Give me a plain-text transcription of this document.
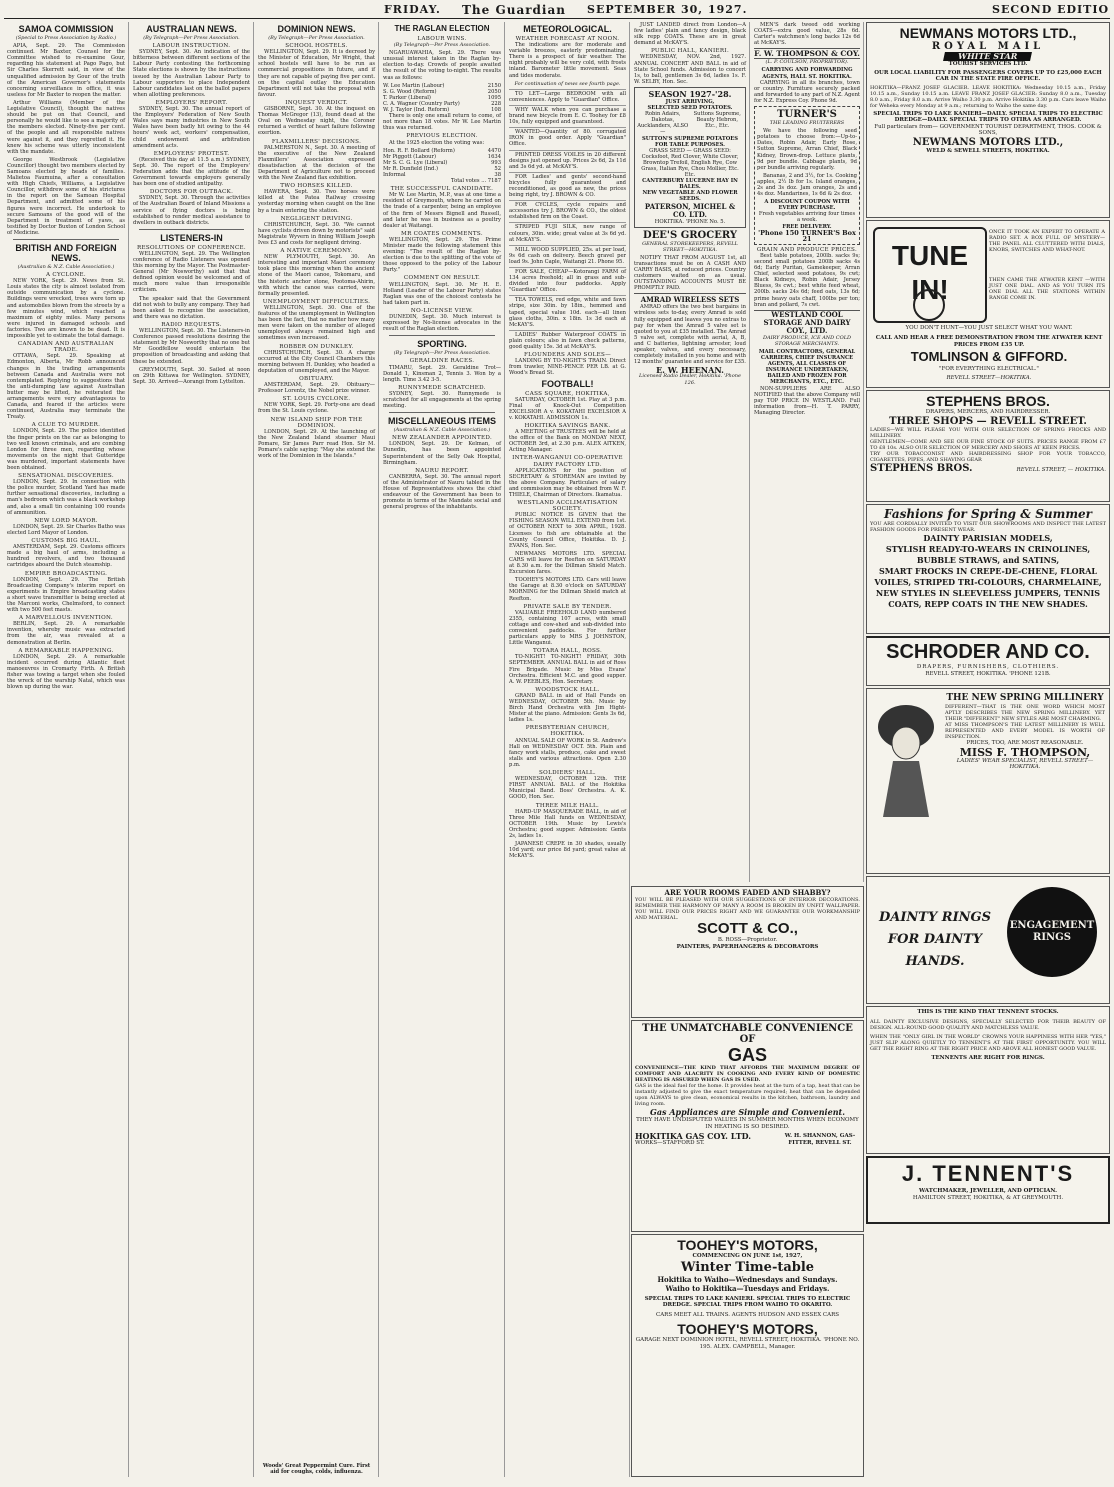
FRIDAY. The Guardian SEPTEMBER 30, 1927.	SECOND EDITIO
SAMOA COMMISSION
(Special to Press Association by Radio.)

APIA, Sept. 29. The Commission continued. Mr Baxter, Counsel for the Committee wished to re-examine Gour, regarding his statement at Pago Pago, but Sir Charles Skerrett said, in view of the unqualified admission by Gour of the truth of the American Governor's statements concerning surveillance in office, it was useless for Mr Baxter to reopen the matter.

Arthur Williams (Member of the Legislative Council), thought the natives should be put on that Council, and personally he would like to see a majority of the members elected. Ninety-five per cent. of the people and all responsible natives were against it, and they regretted it. He knew his scheme was utterly inconsistent with the mandate.

George Westbrook (Legislative Councillor) thought two members elected by Samoans elected by heads of families. Malietoa Faumuina, after a consultation with High Chiefs, Williams, a Legislative Councillor, withdrew some of his strictures in the report on the Samoan Hospital Department, and admitted some of his figures were incorrect. He undertook to secure Samoans of the good will of the Department in treatment of yaws, as testified by Doctor Buxton of London School of Medicine.

BRITISH AND FOREIGN NEWS.
(Australian & N.Z. Cable Association.)
A CYCLONE.

NEW YORK, Sept. 29. News from St. Louis states the city is almost isolated from outside communication by a cyclone. Buildings were wrecked, trees were torn up and automobiles blown from the streets by a few minutes wind, which reached a maximum of eighty miles. Many persons were injured in damaged schools and factories. Two are known to be dead. It is impossible yet to estimate the total damage.

CANADIAN AND AUSTRALIAN TRADE.

OTTAWA, Sept. 29. Speaking at Edmonton, Alberta, Mr Robb announced changes in the trading arrangements between Canada and Australia were not contemplated. Replying to suggestions that the anti-dumping law against Australian butter may be lifted, he reiterated the arrangements were very advantageous to Canada, and feared if the articles were continued, Australia may terminate the Treaty.

A CLUE TO MURDER.

LONDON, Sept. 29. The police identified the finger prints on the car as belonging to two well known criminals, and are combing London for three men, regarding whose movements on the night that Gutteridge was murdered, important statements have been obtained.

SENSATIONAL DISCOVERIES.

LONDON, Sept. 29. In connection with the police murder, Scotland Yard has made further sensational discoveries, including a man's bedroom which was a black workshop and, also a small tin containing 100 rounds of ammunition.

NEW LORD MAYOR.

LONDON, Sept. 29. Sir Charles Batho was elected Lord Mayor of London.

CUSTOMS BIG HAUL.

AMSTERDAM, Sept. 29. Customs officers made a big haul of arms, including a hundred revolvers, and two thousand cartridges aboard the Dutch steamship.

EMPIRE BROADCASTING.

LONDON, Sept. 29. The British Broadcasting Company's interim report on experiments in Empire broadcasting states a short wave transmitter is being erected at the Marconi works, Chelmsford, to connect with two 500 feet masts.

A MARVELLOUS INVENTION.

BERLIN, Sept. 29. A remarkable invention, whereby music was extracted from the air, was revealed at a demonstration at Berlin.

A REMARKABLE HAPPENING.

LONDON, Sept. 29. A remarkable incident occurred during Atlantic fleet manoeuvres in Cromarty Firth. A British fisher was towing a target when she fouled the wreck of the warship Natal, which was blown up during the war.

AUSTRALIAN NEWS.
(By Telegraph—Per Press Association.
LABOUR INSTRUCTION.

SYDNEY, Sept. 30. An indication of the bitterness between different sections of the Labour Party contesting the forthcoming State elections is shown by the instructions issued by the Australian Labour Party to Labour supporters to place Independent Labour candidates last on the ballot papers when allotting preferences.

EMPLOYERS' REPORT.

SYDNEY, Sept. 30. The annual report of the Employers' Federation of New South Wales says many industries in New South Wales have been badly hit owing to the 44 hours' week act, workers' compensation, child endowment and arbitration amendment acts.

EMPLOYERS' PROTEST.

(Received this day at 11.5 a.m.) SYDNEY, Sept. 30. The report of the Employers' Federation adds that the attitude of the Government towards employers generally has been one of studied antipathy.

DOCTORS FOR OUTBACK.

SYDNEY, Sept. 30. Through the activities of the Australian Board of Inland Missions a service of flying doctors is being established to render medical assistance to dwellers in outback districts.

LISTENERS-IN
RESOLUTIONS OF CONFERENCE.

WELLINGTON, Sept. 29. The Wellington conference of Radio Listeners was opened this morning by the Mayor. The Postmaster-General (Mr Nosworthy) said that that defined opinion would be welcomed and of much more value than irresponsible criticism.

The speaker said that the Government did not wish to bully any company. They had been asked to recognise the association, and there was no dictation.

RADIO REQUESTS.

WELLINGTON, Sept. 30. The Listeners-in Conference passed resolutions desiring the statement by Mr Nosworthy that no one but Mr Goodfellow would entertain the proposition of broadcasting and asking that these be extended.

GREYMOUTH, Sept. 30. Sailed at noon on 29th Kittawa for Wellington. SYDNEY, Sept. 30. Arrived—Aorangi from Lyttelton.

DOMINION NEWS.
(By Telegraph—Per Press Association.
SCHOOL HOSTELS.

WELLINGTON, Sept. 29. It is decreed by the Minister of Education, Mr Wright, that school hostels will have to be run as commercial propositions in future, and if they are not capable of paying five per cent. on the capital outlay the Education Department will not take the proposal with favour.

INQUEST VERDICT.

GISBORNE, Sept. 30. At the inquest on Thomas McGregor (13), found dead at the Oval on Wednesday night, the Coroner returned a verdict of heart failure following exertion.

FLAXMILLERS' DECISIONS.

PALMERSTON N., Sept. 30. A meeting of the executive of the New Zealand Flaxmillers' Association expressed dissatisfaction at the decision of the Department of Agriculture not to proceed with the New Zealand flax exhibition.

TWO HORSES KILLED.

HAWERA, Sept. 30. Two horses were killed at the Patea Railway crossing yesterday morning when caught on the line by a train entering the station.

NEGLIGENT DRIVING.

CHRISTCHURCH, Sept. 30. "We cannot have cyclists driven down by motorists" said Magistrate Wyvern in fining William Joseph Ives £3 and costs for negligent driving.

A NATIVE CEREMONY.

NEW PLYMOUTH, Sept. 30. An interesting and important Maori ceremony took place this morning when the ancient stone of the Maori canoe, Tokomaru, and the historic anchor stone, Pootoma-Ahirin, with which the canoe was carried, were formally presented.

UNEMPLOYMENT DIFFICULTIES.

WELLINGTON, Sept. 30. One of the features of the unemployment in Wellington has been the fact, that no matter how many men were taken on the number of alleged unemployed always remained high and sometimes even increased.

ROBBER ON DUNKLEY.

CHRISTCHURCH, Sept. 30. A charge occurred at the City Council Chambers this morning between H. Dunkley, who headed a deputation of unemployed, and the Mayor.

OBITUARY.

AMSTERDAM, Sept. 29. Obituary—Professor Lorentz, the Nobel prize winner.

ST. LOUIS CYCLONE.

NEW YORK, Sept. 29. Forty-one are dead from the St. Louis cyclone.

NEW ISLAND SHIP FOR THE DOMINION.

LONDON, Sept. 29. At the launching of the New Zealand Island steamer Maui Pomare, Sir James Parr read Hon. Sir M. Pomare's cable saying: "May she extend the work of the Dominion in the Islands."

Woods' Great Peppermint Cure. First aid for coughs, colds, influenza.
THE RAGLAN ELECTION
LABOUR WINS.
(By Telegraph—Per Press Association.

NGARUAWAHIA, Sept. 29. There was unusual interest taken in the Raglan by-election to-day. Crowds of people awaited the result of the voting to-night. The results was as follows:

W. Lee Martin (Labour)	2150
S. G. Wood (Reform)	2050
T. Parker (Liberal)	1095
C. A. Wagner (Country Party)	228
W. J. Taylor (Ind. Reform)	108

There is only one small return to come, of not more than 18 votes. Mr W. Lee Martin thus was returned.

PREVIOUS ELECTION.

At the 1925 election the voting was:

Hon. R. F. Bollard (Reform)	4470
Mr Piggott (Labour)	1634
Mr S. C. G. Lye (Liberal)	993
Mr R. Dunfield (Ind.)	52
Informal	38
Total votes ... 7187
THE SUCCESSFUL CANDIDATE.

Mr W. Lee Martin, M.P., was at one time a resident of Greymouth, where he carried on the trade of a carpenter, being an employee of the firm of Messrs Bignell and Russell, and later he was in business as a poultry dealer at Waitangi.

MR COATES COMMENTS.

WELLINGTON, Sept. 29. The Prime Minister made the following statement this evening: "The result of the Raglan by-election is due to the splitting of the vote of those opposed to the policy of the Labour Party."

COMMENT ON RESULT.

WELLINGTON, Sept. 30. Mr H. E. Holland (Leader of the Labour Party) states Raglan was one of the choicest contests he had taken part in.

NO-LICENSE VIEW.

DUNEDIN, Sept. 30. Much interest is expressed by No-license advocates in the result of the Raglan election.

SPORTING.
(By Telegraph—Per Press Association.
GERALDINE RACES.

TIMARU, Sept. 29. Geraldine Trot—Donald 1, Kinsman 2, Tennis 3. Won by a length. Time 3.42 3-5.

RUNNYMEDE SCRATCHED.

SYDNEY, Sept. 30. Runnymede is scratched for all engagements at the spring meeting.

MISCELLANEOUS ITEMS
(Australian & N.Z. Cable Association.)
NEW ZEALANDER APPOINTED.

LONDON, Sept. 29. Dr Kelman, of Dunedin, has been appointed Superintendent of the Selly Oak Hospital, Birmingham.

NAURU REPORT.

CANBERRA, Sept. 30. The annual report of the Administrator of Nauru tabled in the House of Representatives shows the chief endeavour of the Government has been to promote in terms of the Mandate social and general progress of the inhabitants.

METEOROLOGICAL.
WEATHER FORECAST AT NOON.

The indications are for moderate and variable breezes, easterly predominating. There is a prospect of fair weather. The night probably will be very cold, with frosts inland. Barometer little movement. Seas and tides moderate.

For continuation of news see fourth page.

TO LET—Large BEDROOM with all conveniences. Apply to "Guardian" Office.

WHY WALK when you can purchase a brand new bicycle from E. C. Toohey for £8 10s, fully equipped and guaranteed.

WANTED—Quantity of 80. corrugated IRON in good order. Apply "Guardian" Office.

PRINTED DRESS VOILES in 20 different designs just opened up. Prices 2s 6d, 2s 11d and 3s 6d yd. at McKAY'S.

FOR Ladies' and gents' second-hand bicycles fully guaranteed and reconditioned, as good as new, the prices being right, try J. BROWN & CO.

FOR CYCLES, cycle repairs and accessories try J. BROWN & CO., the oldest established firm on the Coast.

STRIPED FUJI SILK, new range of colours, 30in. wide; great value at 3s 6d yd. at McKAY'S.

MILL WOOD SUPPLIED, 25s. at per load, 9s 6d cash on delivery. Beech gravel per load 9s. John Caple, Waitangi 21. Phone 95.

FOR SALE, CHEAP—Kotorangi FARM of 134 acres freehold; all in grass and sub-divided into four paddocks. Apply "Guardian" Office.

TEA TOWELS, red edge, white and fawn stripe, size 30in. by 18in., hemmed and taped, special value 10d. each—all linen glass cloths, 30in. x 18in. 1s 3d each at McKAY'S.

LADIES' Rubber Waterproof COATS in plain colours; also in fawn check patterns, good quality 15s. 3d at McKAY'S.

FLOUNDERS AND SOLES—

LANDING BY TO-NIGHT'S TRAIN. Direct from trawler, NINE-PENCE PER LB. at G. Wood's Bread St.

FOOTBALL!
CASS SQUARE, HOKITIKA,

SATURDAY, OCTOBER 1st. Play at 3 p.m. Final of Knock-Out Competition EXCELSIOR A v. KOKATAHI EXCELSIOR A v. KOKATAHI. ADMISSION 1s.

HOKITIKA SAVINGS BANK.

A MEETING of TRUSTEES will be held at the office of the Bank on MONDAY NEXT, OCTOBER 3rd, at 2.30 p.m. ALEX AITKEN, Acting Manager.

INTER-WANGANUI CO-OPERATIVE DAIRY FACTORY LTD.

APPLICATIONS for the position of SECRETARY & STOREMAN are invited by the above Company. Particulars of salary and commission may be obtained from W. F. THIELE, Chairman of Directors. Ikamatua.

WESTLAND ACCLIMATISATION SOCIETY.

PUBLIC NOTICE IS GIVEN that the FISHING SEASON WILL EXTEND from 1st. of OCTOBER NEXT to 30th APRIL, 1928. Licenses to fish are obtainable at the County Council Office, Hokitika. D. J. EVANS, Hon. Sec.

NEWMANS MOTORS LTD. SPECIAL CARS will leave for Reefton on SATURDAY at 8.30 a.m. for the Dillman Shield Match. Excursion fares.

TOOHEY'S MOTORS LTD. Cars will leave the Garage at 8.30 o'clock on SATURDAY MORNING for the Dillman Shield match at Reefton.

PRIVATE SALE BY TENDER.

VALUABLE FREEHOLD LAND numbered 2355, containing 107 acres, with small cottage and cow-shed and sub-divided into convenient paddocks. For further particulars apply to MRS J. JOHNSTON, Little Wanganui.

TOTARA HALL, ROSS.

TO-NIGHT! TO-NIGHT! FRIDAY, 30th SEPTEMBER. ANNUAL BALL in aid of Ross Fire Brigade. Music by Miss Evans' Orchestra. Efficient M.C. and good supper. A. W. PEEBLES, Hon. Secretary.

WOODSTOCK HALL.

GRAND BALL in aid of Hall Funds on WEDNESDAY, OCTOBER 5th. Music by Birch Hand Orchestra with Jim Hight-Mister at the piano. Admission: Gents 3s 6d, ladies 1s.

PRESBYTERIAN CHURCH, HOKITIKA.

ANNUAL SALE OF WORK in St. Andrew's Hall on WEDNESDAY OCT. 5th. Plain and fancy work stalls, produce, cake and sweet stalls and various attractions. Open 2.30 p.m.

SOLDIERS' HALL.

WEDNESDAY, OCTOBER 12th. THE FIRST ANNUAL BALL of the Hokitika Municipal Band. Boss' Orchestra. A. K. GOOD, Hon. Sec.

THREE MILE HALL.

HARD-UP MASQUERADE BALL, in aid of Three Mile Hall funds on WEDNESDAY, OCTOBER 19th. Music by Lewis's Orchestra; good supper. Admission: Gents 2s, ladies 1s.

JAPANESE CREPE in 30 shades, usually 10d yard; our price 8d yard; great value at McKAY'S.

JUST LANDED direct from London—A few ladies' plain and fancy design, black silk repp COATS. These are in great demand at McKAY'S.

PUBLIC HALL, KANIERI.

WEDNESDAY, NOV. 2nd, 1927. ANNUAL CONCERT AND BALL in aid of State School funds. Admission to concert 1s, to ball, gentlemen 3s 6d, ladies 1s. F. W. SELBY, Hon. Sec.

SEASON 1927-'28.
JUST ARRIVING,
SELECTED SEED POTATOES.
Robin Adairs, Dakotas, Aucklanders, ALSO—
Suttons Supreme, Beauty Hebron, Etc., Etc.
SUTTON'S SUPREME POTATOES FOR TABLE PURPOSES.
GRASS SEED — GRASS SEED: Cocksfoot, Red Clover, White Clover, Browntop Trefoil, English Rye, Cow Grass, Italian Rye, Chou Mollier, Etc. Etc.
CANTERBURY LUCERNE HAY IN BALES.
NEW VEGETABLE AND FLOWER SEEDS.
PATERSON, MICHEL & CO. LTD.
HOKITIKA. 'PHONE No. 5.
DEE'S GROCERY
GENERAL STOREKEEPERS, REVELL STREET—HOKITIKA.

NOTIFY THAT FROM AUGUST 1st, all transactions must be on A CASH AND CARRY BASIS, at reduced prices. Country customers waited on as usual. OUTSTANDING ACCOUNTS MUST BE PROMPTLY PAID.

AMRAD WIRELESS SETS

AMRAD offers the two best bargains in wireless sets to-day, every Amrad is sold fully equipped and leaves you no extras to pay for when the Amrad 5 valve set is quoted to you at £35 installed. The Amrad 5 valve set, complete with aerial, A, B, and C batteries, lightning arrester, loud speaker, valves, and every necessary, completely installed in you home and with 12 months' guarantee and service for £35.

E. W. HEENAN.
Licensed Radio Dealer, Hokitika. 'Phone 126.

MEN'S dark tweed odd working COATS—extra good value, 28s 6d. Carter's watchmen's long backs 12s 6d at McKAY'S.

F. W. THOMPSON & COY.
(L. P. COULSON, PROPRIETOR).
CARRYING AND FORWARDING AGENTS, HALL ST. HOKITIKA.

CARRYING in all its branches, town or country. Furniture securely packed and forwarded to any part of N.Z. Agent for N.Z. Express Coy. Phone 9d.

TURNER'S
THE LEADING FRUITERERS

We have the following seed potatoes to choose from:—Up-to-Dates, Robin Adair, Early Rose, Sutton Supreme, Arran Chief, Black Kidney, Brown-drop. Lettuce plants, 9d per bundle. Cabbage plants, 9d per bundle arriving regularly.

Bananas, 2 and 3½, for 1s. Cooking apples, 2½ lb for 1s. Island oranges, 2s and 3s doz. Jam oranges, 2s and 4s doz. Mandarines, 1s 6d & 2s doz.

A DISCOUNT COUPON WITH EVERY PURCHASE.
Fresh vegetables arriving four times a week.
FREE DELIVERY.
'Phone 150 TURNER'S Box 21
GRAIN AND PRODUCE PRICES.

Best table potatoes, 200lb. sacks 9s; second small potatoes 200lb sacks 4s 6d; Early Puritan, Gamekeeper, Arran Chief, selected seed potatoes, 9s cwt; Black Kidneys, Robin Adair, Jersey Bluess, 9s cwt.; best white feed wheat, 200lb. sacks 24s 6d; feed oats, 13s 6d; prime heavy oats chaff, 100lbs per ton; bran and pollard, 7s cwt.

WESTLAND COOL STORAGE AND DAIRY COY., LTD.
DAIRY PRODUCE, ICE AND COLD STORAGE MERCHANTS.
MAIL CONTRACTORS, GENERAL CARRIERS, CHIEF INSURANCE AGENTS, ALL CLASSES OF INSURANCE UNDERTAKEN, BAILED AND FROZEN FOR MERCHANTS, ETC., ETC.

NON-SUPPLIERS ARE ALSO NOTIFIED that the above Company will pay TOP PRICE IN WESTLAND. Full information from—H. T. PARRY, Managing Director.

ARE YOUR ROOMS FADED AND SHABBY?
YOU WILL BE PLEASED WITH OUR SUGGESTIONS OF INTERIOR DECORATIONS. REMEMBER THE HARMONY OF MANY A ROOM IS BROKEN BY UNFIT WALLPAPER. YOU WILL FIND OUR PRICES RIGHT AND WE GUARANTEE OUR WORKMANSHIP AND MATERIAL.
SCOTT & CO.,
B. ROSS—Proprietor.
PAINTERS, PAPERHANGERS & DECORATORS
THE UNMATCHABLE CONVENIENCE OF
GAS
CONVENIENCE—THE KIND THAT AFFORDS THE MAXIMUM DEGREE OF COMFORT AND ALACRITY IN COOKING AND EVERY KIND OF DOMESTIC HEATING IS ASSURED WHEN GAS IS USED.
GAS is the ideal fuel for the home. It provides heat at the turn of a tap, heat that can be instantly adjusted to give the exact temperature required; heat that can be depended upon ALWAYS to give clean, economical results in the kitchen, bathroom, laundry and living room.
Gas Appliances are Simple and Convenient.
THEY HAVE UNDISPUTED VALUES IN SUMMER MONTHS WHEN ECONOMY IN HEATING IS SO DESIRED.
HOKITIKA GAS COY. LTD.
WORKS—STAFFORD ST.
W. H. SHANNON, GAS-FITTER, REVELL ST.
TOOHEY'S MOTORS,
COMMENCING ON JUNE 1st, 1927,
Winter Time-table
Hokitika to Waiho—Wednesdays and Sundays.
Waiho to Hokitika—Tuesdays and Fridays.
SPECIAL TRIPS TO LAKE KANIERI. SPECIAL TRIPS TO ELECTRIC DREDGE. SPECIAL TRIPS FROM WAIHO TO OKARITO.
CARS MEET ALL TRAINS. AGENTS HUDSON AND ESSEX CARS
TOOHEY'S MOTORS,
GARAGE NEXT DOMINION HOTEL, REVELL STREET, HOKITIKA. 'PHONE NO. 195. ALEX. CAMPBELL, Manager.
NEWMANS MOTORS LTD.,
ROYAL MAIL
WHITE STAR
TOURIST SERVICES LTD.
OUR LOCAL LIABILITY FOR PASSENGERS COVERS UP TO £25,000 EACH CAR IN THE STATE FIRE OFFICE.
HOKITIKA—FRANZ JOSEF GLACIER. LEAVE HOKITIKA: Wednesday 10.15 a.m., Friday 10.15 a.m., Sunday 10.15 a.m. LEAVE FRANZ JOSEF GLACIER: Sunday 8.0 a.m., Tuesday 8.0 a.m., Friday 8.0 a.m. Arrive Waiho 3.30 p.m. Arrive Hokitika 3.30 p.m. Cars leave Waiho for Weheka every Monday at 9 a.m.; returning to Waiho the same day.
SPECIAL TRIPS TO LAKE KANIERI—DAILY. SPECIAL TRIPS TO ELECTRIC DREDGE—DAILY. SPECIAL TRIPS TO OTIRA AS ARRANGED.
Full particulars from— GOVERNMENT TOURIST DEPARTMENT, THOS. COOK & SONS,
NEWMANS MOTORS LTD.,
WELD & SEWELL STREETS, HOKITIKA.
TUNE IN!
ONCE IT TOOK AN EXPERT TO OPERATE A RADIO SET. A BOX FULL OF MYSTERY—THE PANEL ALL CLUTTERED WITH DIALS, KNOBS, SWITCHES AND WHAT-NOT.
THEN CAME THE ATWATER KENT —WITH JUST ONE DIAL. AND AS YOU TURN ITS ONE DIAL ALL THE STATIONS WITHIN RANGE COME IN.
YOU DON'T HUNT—YOU JUST SELECT WHAT YOU WANT.
CALL AND HEAR A FREE DEMONSTRATION FROM THE ATWATER KENT PRICES FROM £35 UP.
TOMLINSON & GIFFORD.
"FOR EVERYTHING ELECTRICAL."
REVELL STREET—HOKITIKA.
STEPHENS BROS.
DRAPERS, MERCERS, AND HAIRDRESSER.
THREE SHOPS — REVELL STREET.
LADIES—WE WILL PLEASE YOU WITH OUR SELECTION OF SPRING FROCKS AND MILLINERY.
GENTLEMEN—COME AND SEE OUR FINE STOCK OF SUITS. PRICES RANGE FROM £7 TO £8 10s. ALSO OUR SELECTION OF MERCERY AND SHOES AT KEEN PRICES.
TRY OUR TOBACCONIST AND HAIRDRESSING SHOP FOR YOUR TOBACCO, CIGARETTES, PIPES, AND SHAVING GEAR
STEPHENS BROS.	REVELL STREET, — HOKITIKA.
Fashions for Spring & Summer
YOU ARE CORDIALLY INVITED TO VISIT OUR SHOWROOMS AND INSPECT THE LATEST FASHION GOODS FOR PRESENT WEAR.
DAINTY PARISIAN MODELS,
STYLISH READY-TO-WEARS IN CRINOLINES, BUBBLE STRAWS, and SATINS,
SMART FROCKS IN CREPE-DE-CHENE, FLORAL VOILES, STRIPED TRI-COLOURS, CHARMELAINE,
NEW STYLES IN SLEEVELESS JUMPERS, TENNIS COATS, REPP COATS IN THE NEW SHADES.
SCHRODER AND CO.
DRAPERS, FURNISHERS, CLOTHIERS.
REVELL STREET, HOKITIKA. 'PHONE 121B.
THE NEW SPRING MILLINERY
DIFFERENT—THAT IS THE ONE WORD WHICH MOST APTLY DESCRIBES THE NEW SPRING MILLINERY. YET THEIR "DIFFERENT" NEW STYLES ARE MOST CHARMING.
AT MISS THOMPSON'S THE LATEST MILLINERY IS WELL REPRESENTED AND EVERY MODEL IS WORTH OF INSPECTION.
PRICES, TOO, ARE MOST REASONABLE.
MISS F. THOMPSON,
LADIES' WEAR SPECIALIST, REVELL STREET—HOKITIKA.
DAINTY RINGS FOR DAINTY HANDS.
ENGAGEMENT RINGS
THIS IS THE KIND THAT TENNENT STOCKS.
ALL DAINTY EXCLUSIVE DESIGNS, SPECIALLY SELECTED FOR THEIR BEAUTY OF DESIGN. ALL-ROUND GOOD QUALITY AND MATCHLESS VALUE.
WHEN THE "ONLY GIRL IN THE WORLD" CROWNS YOUR HAPPINESS WITH HER "YES," JUST SLIP ALONG QUIETLY TO TENNENT'S AT THE FIRST OPPORTUNITY. YOU WILL GET THE RIGHT RING AT THE RIGHT PRICE AND ABOVE ALL HONEST GOOD VALUE.
TENNENTS ARE RIGHT FOR RINGS.
J. TENNENT'S
WATCHMAKER, JEWELLER, AND OPTICIAN.
HAMILTON STREET, HOKITIKA, & AT GREYMOUTH.
